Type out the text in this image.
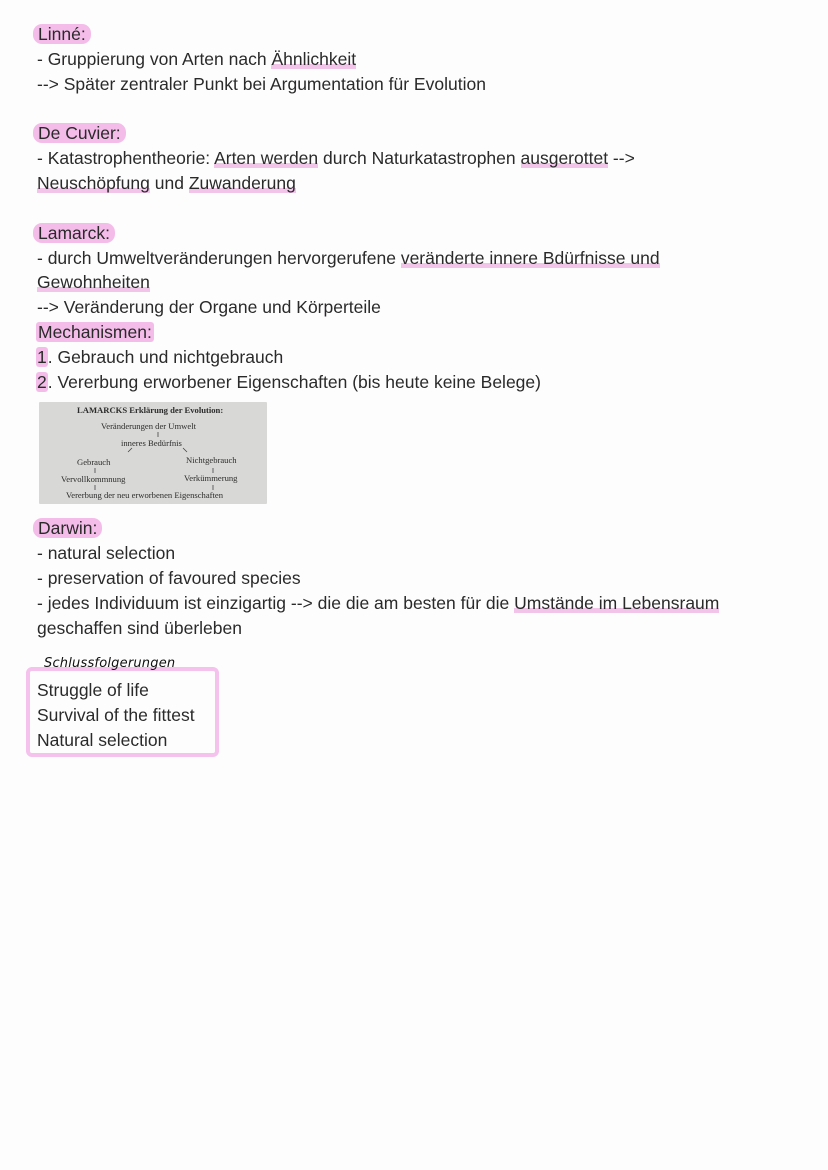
Linné:
- Gruppierung von Arten nach Ähnlichkeit
--> Später zentraler Punkt bei Argumentation für Evolution
De Cuvier:
- Katastrophentheorie: Arten werden durch Naturkatastrophen ausgerottet -->
Neuschöpfung und Zuwanderung
Lamarck:
- durch Umweltveränderungen hervorgerufene veränderte innere Bdürfnisse und
Gewohnheiten
--> Veränderung der Organe und Körperteile
Mechanismen:
1. Gebrauch und nichtgebrauch
2. Vererbung erworbener Eigenschaften (bis heute keine Belege)
LAMARCKS Erklärung der Evolution:
Veränderungen der Umwelt
inneres Bedürfnis
Gebrauch	Nichtgebrauch
Vervollkommnung	Verkümmerung
Vererbung der neu erworbenen Eigenschaften
Darwin:
- natural selection
- preservation of favoured species
- jedes Individuum ist einzigartig --> die die am besten für die Umstände im Lebensraum
geschaffen sind überleben
Schlussfolgerungen
Struggle of life
Survival of the fittest
Natural selection
